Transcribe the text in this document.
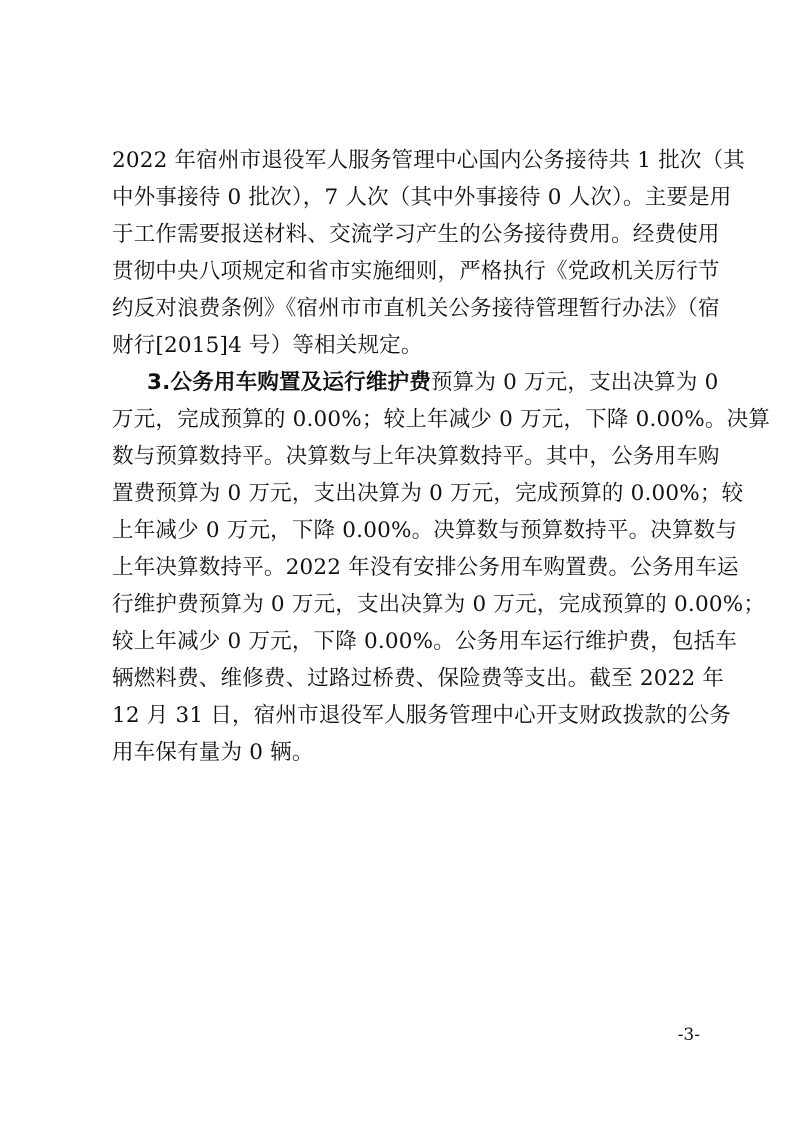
2022 年宿州市退役军人服务管理中心国内公务接待共 1 批次（其
中外事接待 0 批次），7 人次（其中外事接待 0 人次）。主要是用
于工作需要报送材料、交流学习产生的公务接待费用。经费使用
贯彻中央八项规定和省市实施细则，严格执行《党政机关厉行节
约反对浪费条例》《宿州市市直机关公务接待管理暂行办法》（宿
财行[2015]4 号）等相关规定。
3.公务用车购置及运行维护费预算为 0 万元，支出决算为 0
万元，完成预算的 0.00%；较上年减少 0 万元，下降 0.00%。决算
数与预算数持平。决算数与上年决算数持平。其中，公务用车购
置费预算为 0 万元，支出决算为 0 万元，完成预算的 0.00%；较
上年减少 0 万元，下降 0.00%。决算数与预算数持平。决算数与
上年决算数持平。2022 年没有安排公务用车购置费。公务用车运
行维护费预算为 0 万元，支出决算为 0 万元，完成预算的 0.00%；
较上年减少 0 万元，下降 0.00%。公务用车运行维护费，包括车
辆燃料费、维修费、过路过桥费、保险费等支出。截至 2022 年
12 月 31 日，宿州市退役军人服务管理中心开支财政拨款的公务
用车保有量为 0 辆。
-3-
